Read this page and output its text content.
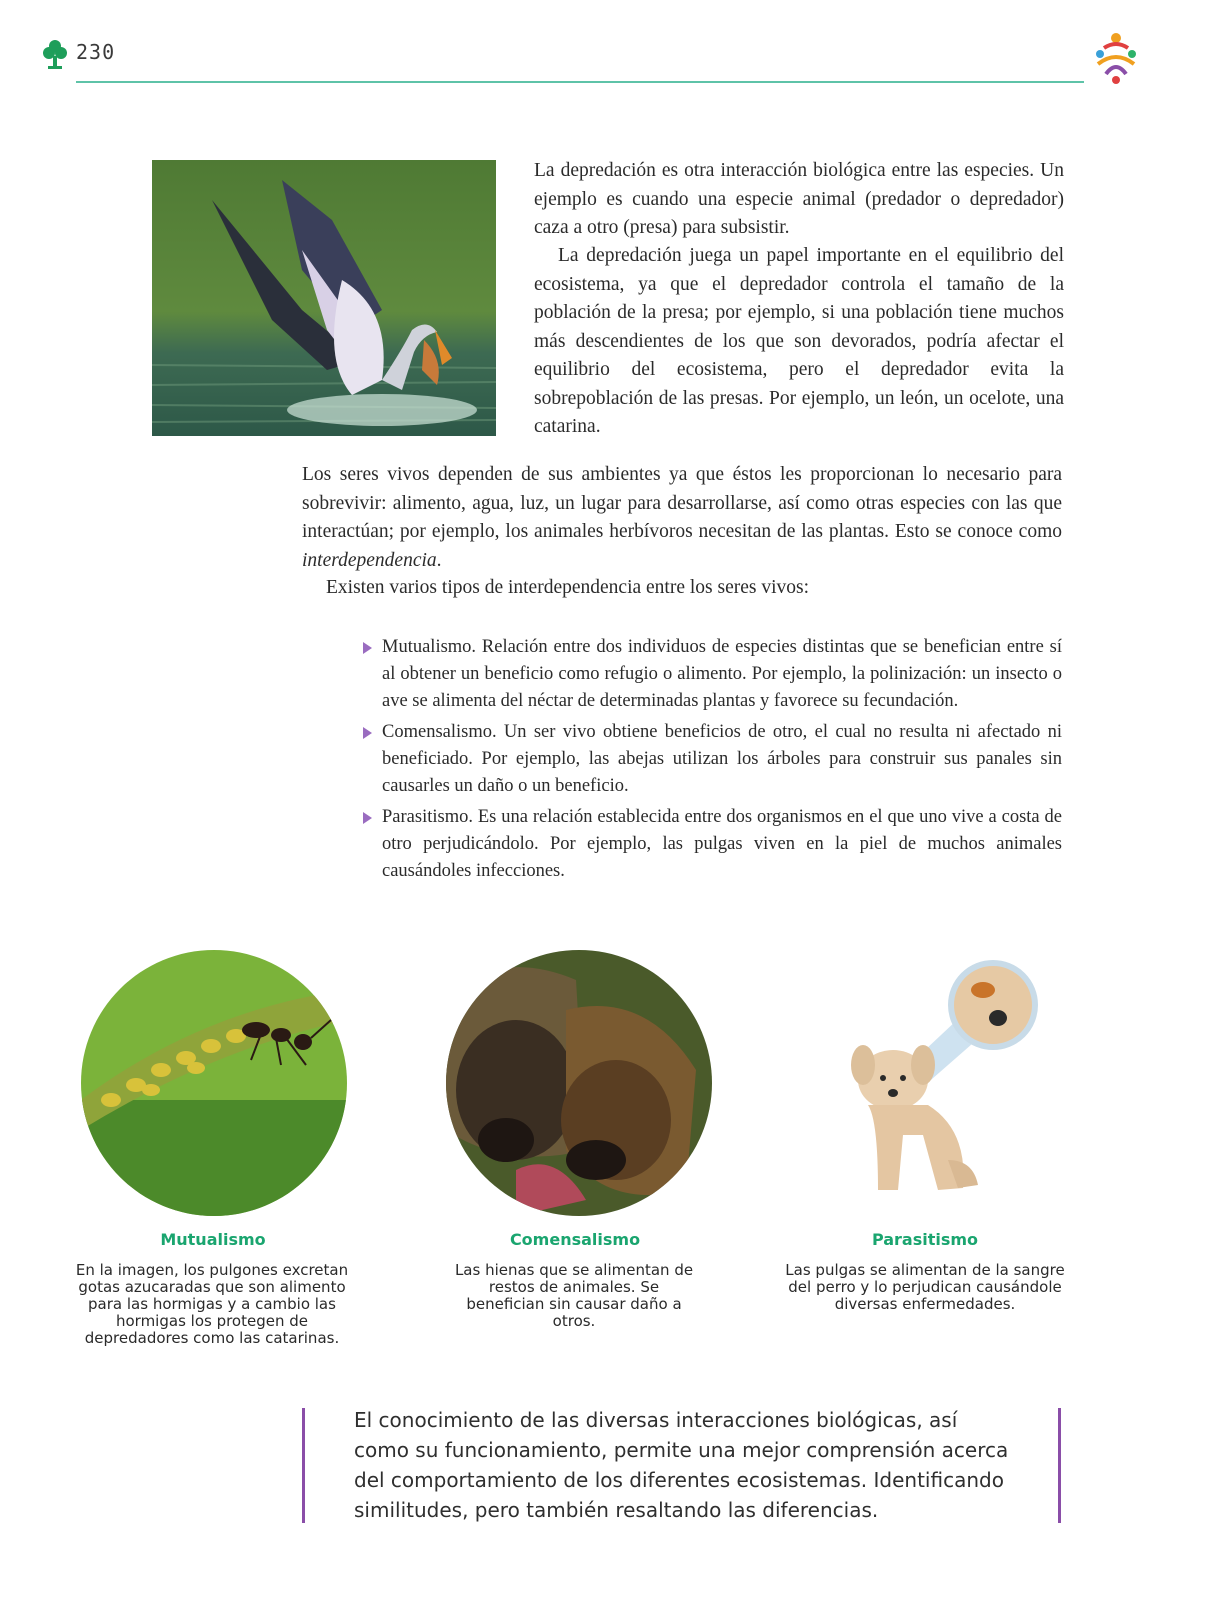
230

La depredación es otra interacción biológica entre las especies. Un ejemplo es cuando una especie animal (predador o depredador) caza a otro (presa) para subsistir.

La depredación juega un papel importante en el equilibrio del ecosistema, ya que el depredador controla el tamaño de la población de la presa; por ejemplo, si una población tiene muchos más descendientes de los que son devorados, podría afectar el equilibrio del ecosistema, pero el depredador evita la sobrepoblación de las presas. Por ejemplo, un león, un ocelote, una catarina.

Los seres vivos dependen de sus ambientes ya que éstos les proporcionan lo necesario para sobrevivir: alimento, agua, luz, un lugar para desarrollarse, así como otras especies con las que interactúan; por ejemplo, los animales herbívoros necesitan de las plantas. Esto se conoce como interdependencia.

Existen varios tipos de interdependencia entre los seres vivos:

Mutualismo. Relación entre dos individuos de especies distintas que se benefician entre sí al obtener un beneficio como refugio o alimento. Por ejemplo, la polinización: un insecto o ave se alimenta del néctar de determinadas plantas y favorece su fecundación.
Comensalismo. Un ser vivo obtiene beneficios de otro, el cual no resulta ni afectado ni beneficiado. Por ejemplo, las abejas utilizan los árboles para construir sus panales sin causarles un daño o un beneficio.
Parasitismo. Es una relación establecida entre dos organismos en el que uno vive a costa de otro perjudicándolo. Por ejemplo, las pulgas viven en la piel de muchos animales causándoles infecciones.
Mutualismo
En la imagen, los pulgones excretan gotas azucaradas que son alimento para las hormigas y a cambio las hormigas los protegen de depredadores como las catarinas.
Comensalismo
Las hienas que se alimentan de restos de animales. Se benefician sin causar daño a otros.
Parasitismo
Las pulgas se alimentan de la sangre del perro y lo perjudican causándole diversas enfermedades.

El conocimiento de las diversas interacciones biológicas, así como su funcionamiento, permite una mejor comprensión acerca del comportamiento de los diferentes ecosistemas. Identificando similitudes, pero también resaltando las diferencias.
